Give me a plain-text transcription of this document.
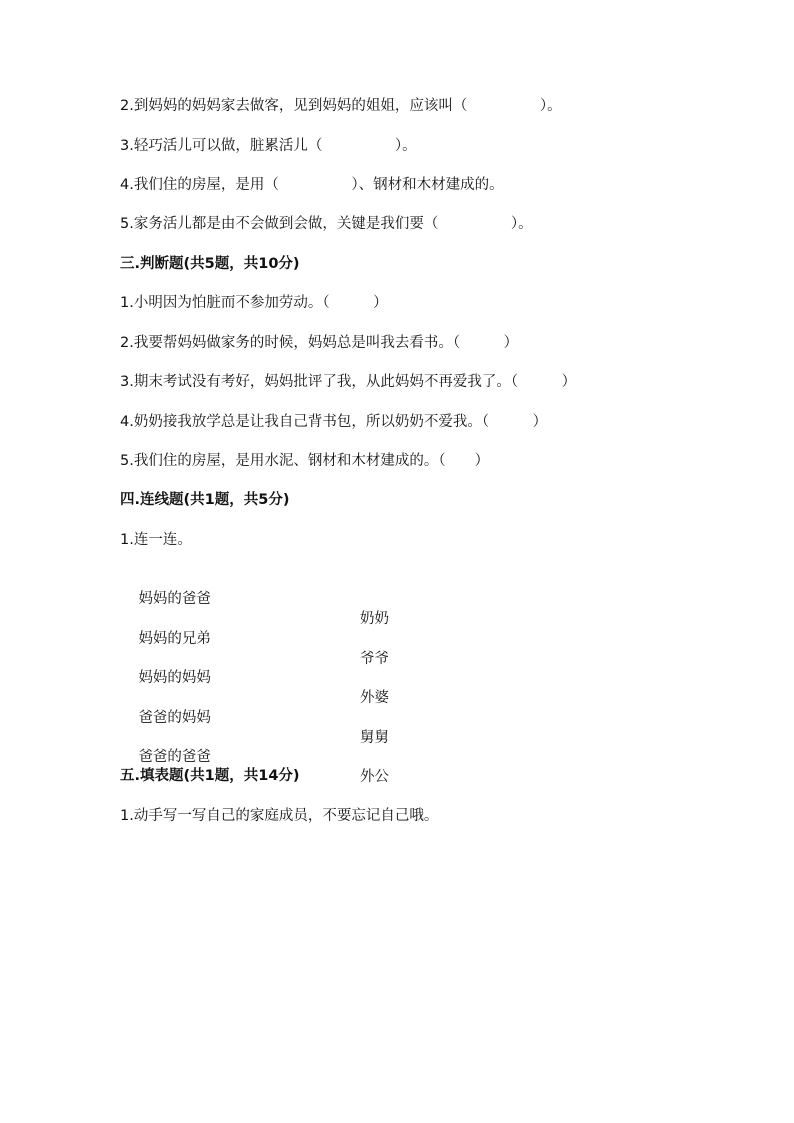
2.到妈妈的妈妈家去做客，见到妈妈的姐姐，应该叫（　　　　　）。
3.轻巧活儿可以做，脏累活儿（　　　　　）。
4.我们住的房屋，是用（　　　　　）、钢材和木材建成的。
5.家务活儿都是由不会做到会做，关键是我们要（　　　　　）。
三.判断题(共5题，共10分)
1.小明因为怕脏而不参加劳动。（　　　）
2.我要帮妈妈做家务的时候，妈妈总是叫我去看书。（　　　）
3.期末考试没有考好，妈妈批评了我，从此妈妈不再爱我了。（　　　）
4.奶奶接我放学总是让我自己背书包，所以奶奶不爱我。（　　　）
5.我们住的房屋，是用水泥、钢材和木材建成的。（　　）
四.连线题(共1题，共5分)
1.连一连。

妈妈的爸爸

奶奶

妈妈的兄弟

爷爷

妈妈的妈妈

外婆

爸爸的妈妈

舅舅

爸爸的爸爸

外公

五.填表题(共1题，共14分)
1.动手写一写自己的家庭成员，不要忘记自己哦。
